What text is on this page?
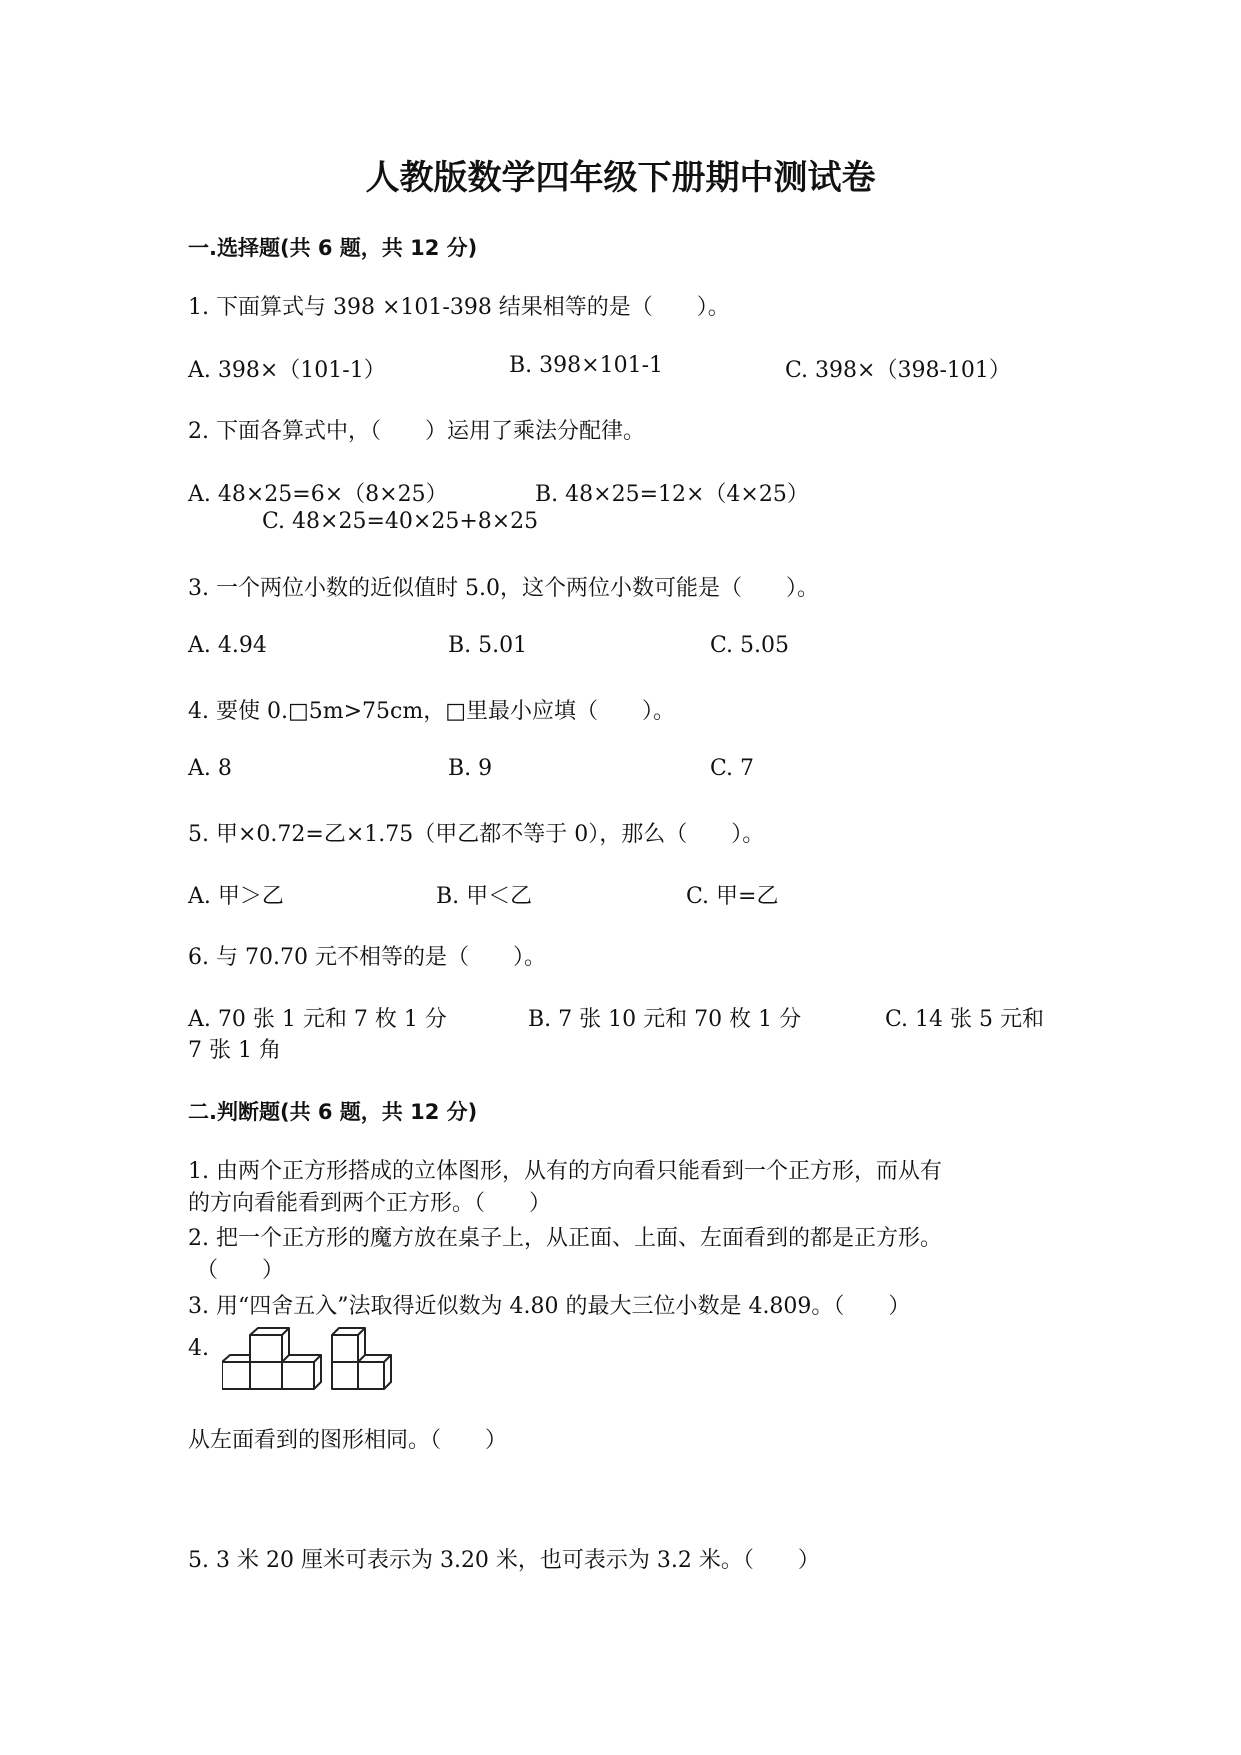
人教版数学四年级下册期中测试卷
一.选择题(共 6 题，共 12 分)
1. 下面算式与 398 ×101-398 结果相等的是（　　）。
A. 398×（101-1）	B. 398×101-1	C. 398×（398-101）
2. 下面各算式中，（　　）运用了乘法分配律。
A. 48×25=6×（8×25）	B. 48×25=12×（4×25）
C. 48×25=40×25+8×25
3. 一个两位小数的近似值时 5.0，这个两位小数可能是（　　）。
A. 4.94	B. 5.01	C. 5.05
4. 要使 0.□5m>75cm，□里最小应填（　　）。
A. 8	B. 9	C. 7
5. 甲×0.72=乙×1.75（甲乙都不等于 0），那么（　　）。
A. 甲＞乙	B. 甲＜乙	C. 甲=乙
6. 与 70.70 元不相等的是（　　）。
A. 70 张 1 元和 7 枚 1 分	B. 7 张 10 元和 70 枚 1 分	C. 14 张 5 元和
7 张 1 角
二.判断题(共 6 题，共 12 分)
1. 由两个正方形搭成的立体图形，从有的方向看只能看到一个正方形，而从有
的方向看能看到两个正方形。（　　）
2. 把一个正方形的魔方放在桌子上，从正面、上面、左面看到的都是正方形。
（　　）
3. 用“四舍五入”法取得近似数为 4.80 的最大三位小数是 4.809。（　　）
4.
从左面看到的图形相同。（　　）
5. 3 米 20 厘米可表示为 3.20 米，也可表示为 3.2 米。（　　）
